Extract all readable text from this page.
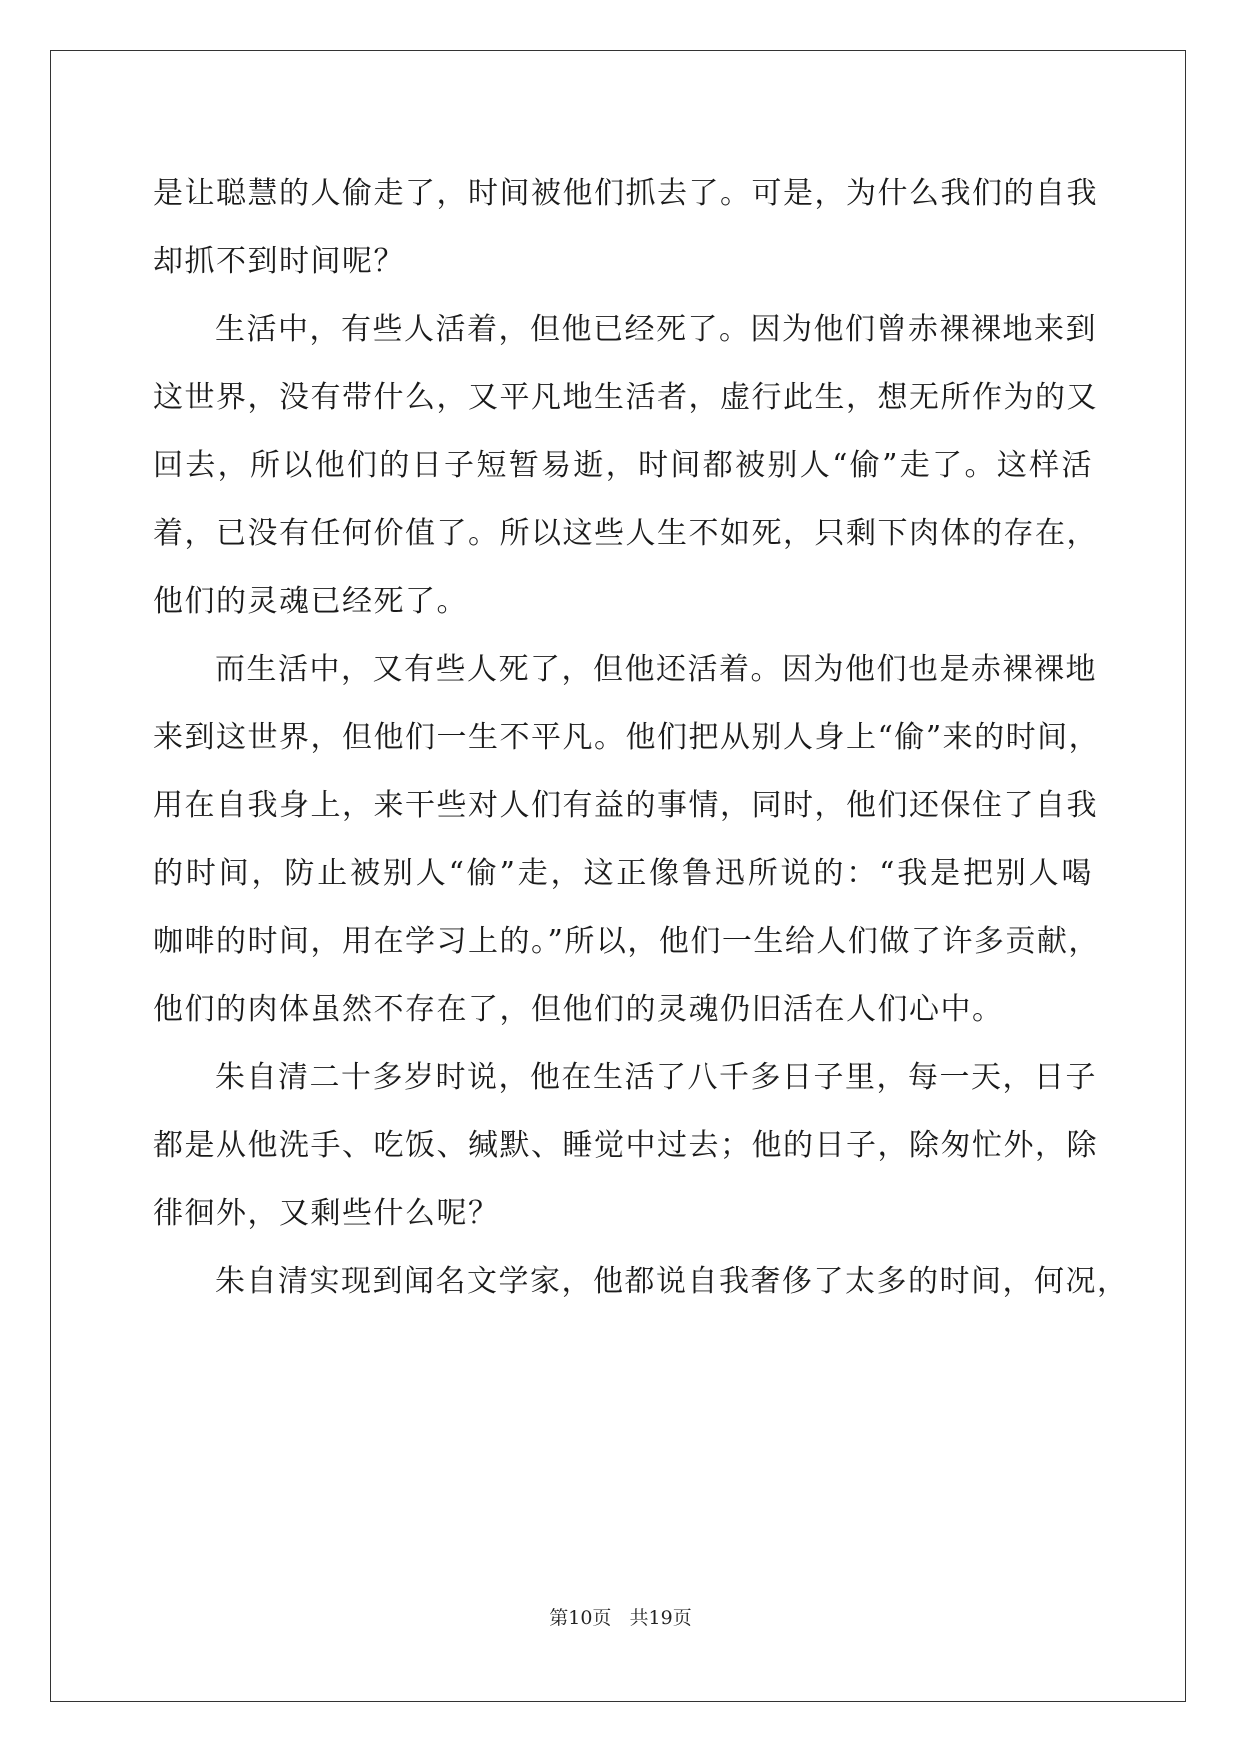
是让聪慧的人偷走了，时间被他们抓去了。可是，为什么我们的自我
却抓不到时间呢？
生活中，有些人活着，但他已经死了。因为他们曾赤裸裸地来到
这世界，没有带什么，又平凡地生活者，虚行此生，想无所作为的又
回去，所以他们的日子短暂易逝，时间都被别人“偷”走了。这样活
着，已没有任何价值了。所以这些人生不如死，只剩下肉体的存在，
他们的灵魂已经死了。
而生活中，又有些人死了，但他还活着。因为他们也是赤裸裸地
来到这世界，但他们一生不平凡。他们把从别人身上“偷”来的时间，
用在自我身上，来干些对人们有益的事情，同时，他们还保住了自我
的时间，防止被别人“偷”走，这正像鲁迅所说的：“我是把别人喝
咖啡的时间，用在学习上的。”所以，他们一生给人们做了许多贡献，
他们的肉体虽然不存在了，但他们的灵魂仍旧活在人们心中。
朱自清二十多岁时说，他在生活了八千多日子里，每一天，日子
都是从他洗手、吃饭、缄默、睡觉中过去；他的日子，除匆忙外，除
徘徊外，又剩些什么呢？
朱自清实现到闻名文学家，他都说自我奢侈了太多的时间，何况，
第10页   共19页
